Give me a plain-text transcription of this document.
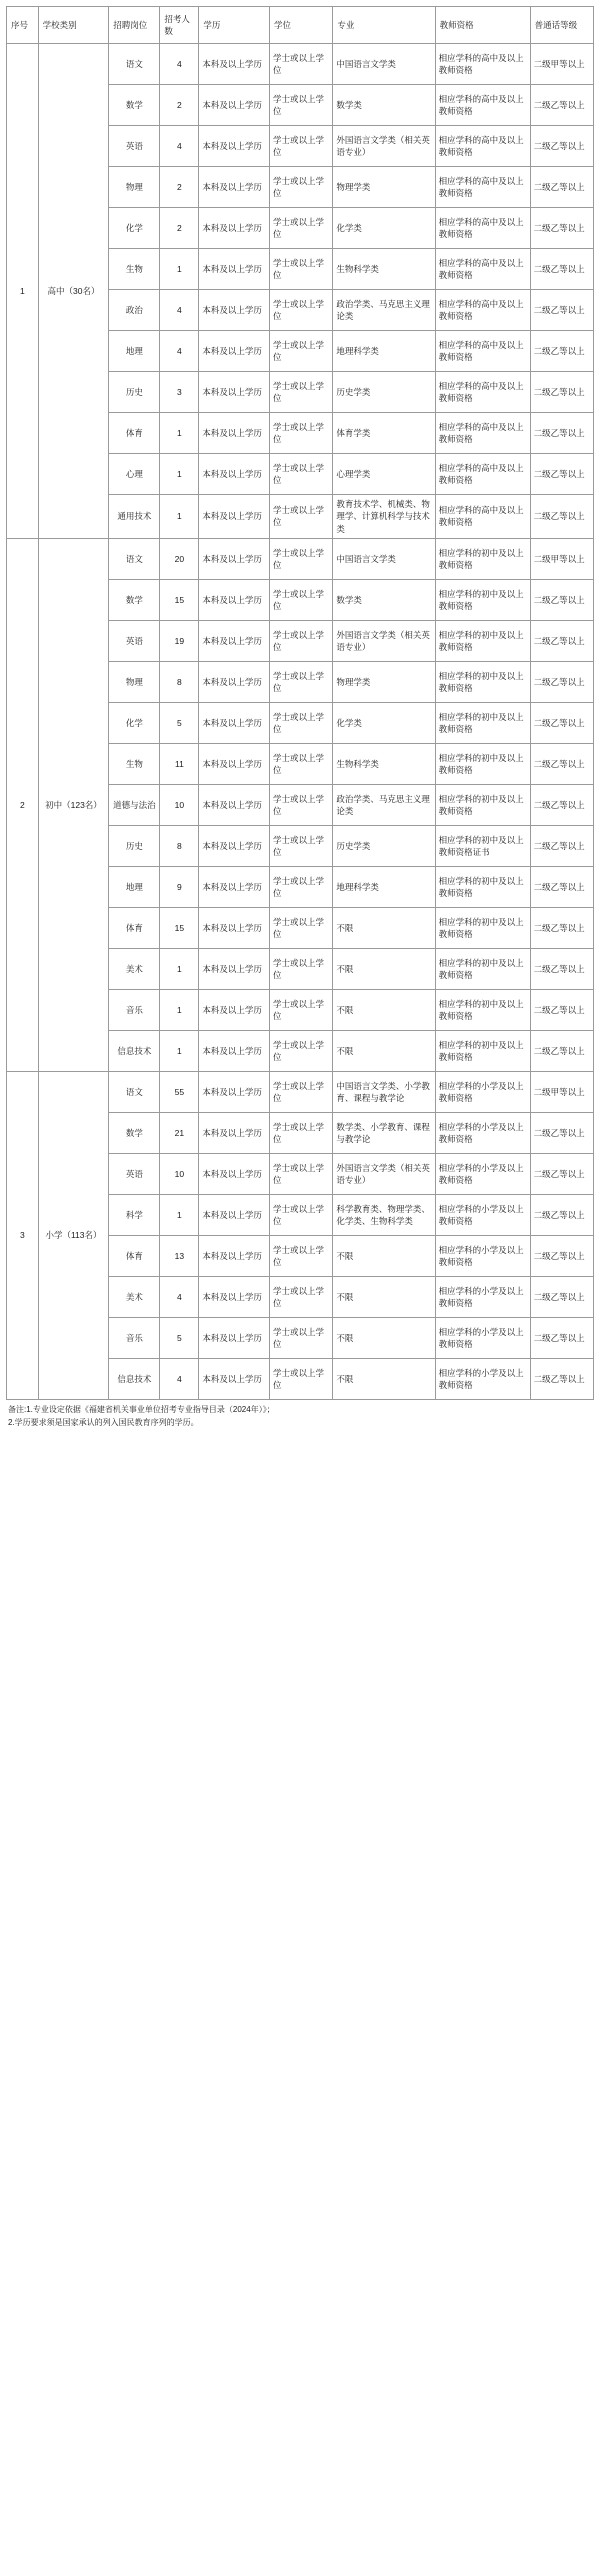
序号	学校类别	招聘岗位	招考人数	学历	学位	专业	教师资格	普通话等级
1	高中（30名）	语文	4	本科及以上学历	学士或以上学位	中国语言文学类	相应学科的高中及以上教师资格	二级甲等以上
		数学	2	本科及以上学历	学士或以上学位	数学类	相应学科的高中及以上教师资格	二级乙等以上
		英语	4	本科及以上学历	学士或以上学位	外国语言文学类（相关英语专业）	相应学科的高中及以上教师资格	二级乙等以上
		物理	2	本科及以上学历	学士或以上学位	物理学类	相应学科的高中及以上教师资格	二级乙等以上
		化学	2	本科及以上学历	学士或以上学位	化学类	相应学科的高中及以上教师资格	二级乙等以上
		生物	1	本科及以上学历	学士或以上学位	生物科学类	相应学科的高中及以上教师资格	二级乙等以上
		政治	4	本科及以上学历	学士或以上学位	政治学类、马克思主义理论类	相应学科的高中及以上教师资格	二级乙等以上
		地理	4	本科及以上学历	学士或以上学位	地理科学类	相应学科的高中及以上教师资格	二级乙等以上
		历史	3	本科及以上学历	学士或以上学位	历史学类	相应学科的高中及以上教师资格	二级乙等以上
		体育	1	本科及以上学历	学士或以上学位	体育学类	相应学科的高中及以上教师资格	二级乙等以上
		心理	1	本科及以上学历	学士或以上学位	心理学类	相应学科的高中及以上教师资格	二级乙等以上
		通用技术	1	本科及以上学历	学士或以上学位	教育技术学、机械类、物理学、计算机科学与技术类	相应学科的高中及以上教师资格	二级乙等以上
2	初中（123名）	语文	20	本科及以上学历	学士或以上学位	中国语言文学类	相应学科的初中及以上教师资格	二级甲等以上
		数学	15	本科及以上学历	学士或以上学位	数学类	相应学科的初中及以上教师资格	二级乙等以上
		英语	19	本科及以上学历	学士或以上学位	外国语言文学类（相关英语专业）	相应学科的初中及以上教师资格	二级乙等以上
		物理	8	本科及以上学历	学士或以上学位	物理学类	相应学科的初中及以上教师资格	二级乙等以上
		化学	5	本科及以上学历	学士或以上学位	化学类	相应学科的初中及以上教师资格	二级乙等以上
		生物	11	本科及以上学历	学士或以上学位	生物科学类	相应学科的初中及以上教师资格	二级乙等以上
		道德与法治	10	本科及以上学历	学士或以上学位	政治学类、马克思主义理论类	相应学科的初中及以上教师资格	二级乙等以上
		历史	8	本科及以上学历	学士或以上学位	历史学类	相应学科的初中及以上教师资格证书	二级乙等以上
		地理	9	本科及以上学历	学士或以上学位	地理科学类	相应学科的初中及以上教师资格	二级乙等以上
		体育	15	本科及以上学历	学士或以上学位	不限	相应学科的初中及以上教师资格	二级乙等以上
		美术	1	本科及以上学历	学士或以上学位	不限	相应学科的初中及以上教师资格	二级乙等以上
		音乐	1	本科及以上学历	学士或以上学位	不限	相应学科的初中及以上教师资格	二级乙等以上
		信息技术	1	本科及以上学历	学士或以上学位	不限	相应学科的初中及以上教师资格	二级乙等以上
3	小学（113名）	语文	55	本科及以上学历	学士或以上学位	中国语言文学类、小学教育、课程与教学论	相应学科的小学及以上教师资格	二级甲等以上
		数学	21	本科及以上学历	学士或以上学位	数学类、小学教育、课程与教学论	相应学科的小学及以上教师资格	二级乙等以上
		英语	10	本科及以上学历	学士或以上学位	外国语言文学类（相关英语专业）	相应学科的小学及以上教师资格	二级乙等以上
		科学	1	本科及以上学历	学士或以上学位	科学教育类、物理学类、化学类、生物科学类	相应学科的小学及以上教师资格	二级乙等以上
		体育	13	本科及以上学历	学士或以上学位	不限	相应学科的小学及以上教师资格	二级乙等以上
		美术	4	本科及以上学历	学士或以上学位	不限	相应学科的小学及以上教师资格	二级乙等以上
		音乐	5	本科及以上学历	学士或以上学位	不限	相应学科的小学及以上教师资格	二级乙等以上
		信息技术	4	本科及以上学历	学士或以上学位	不限	相应学科的小学及以上教师资格	二级乙等以上
备注:1.专业设定依据《福建省机关事业单位招考专业指导目录（2024年）》；
2.学历要求须是国家承认的列入国民教育序列的学历。
